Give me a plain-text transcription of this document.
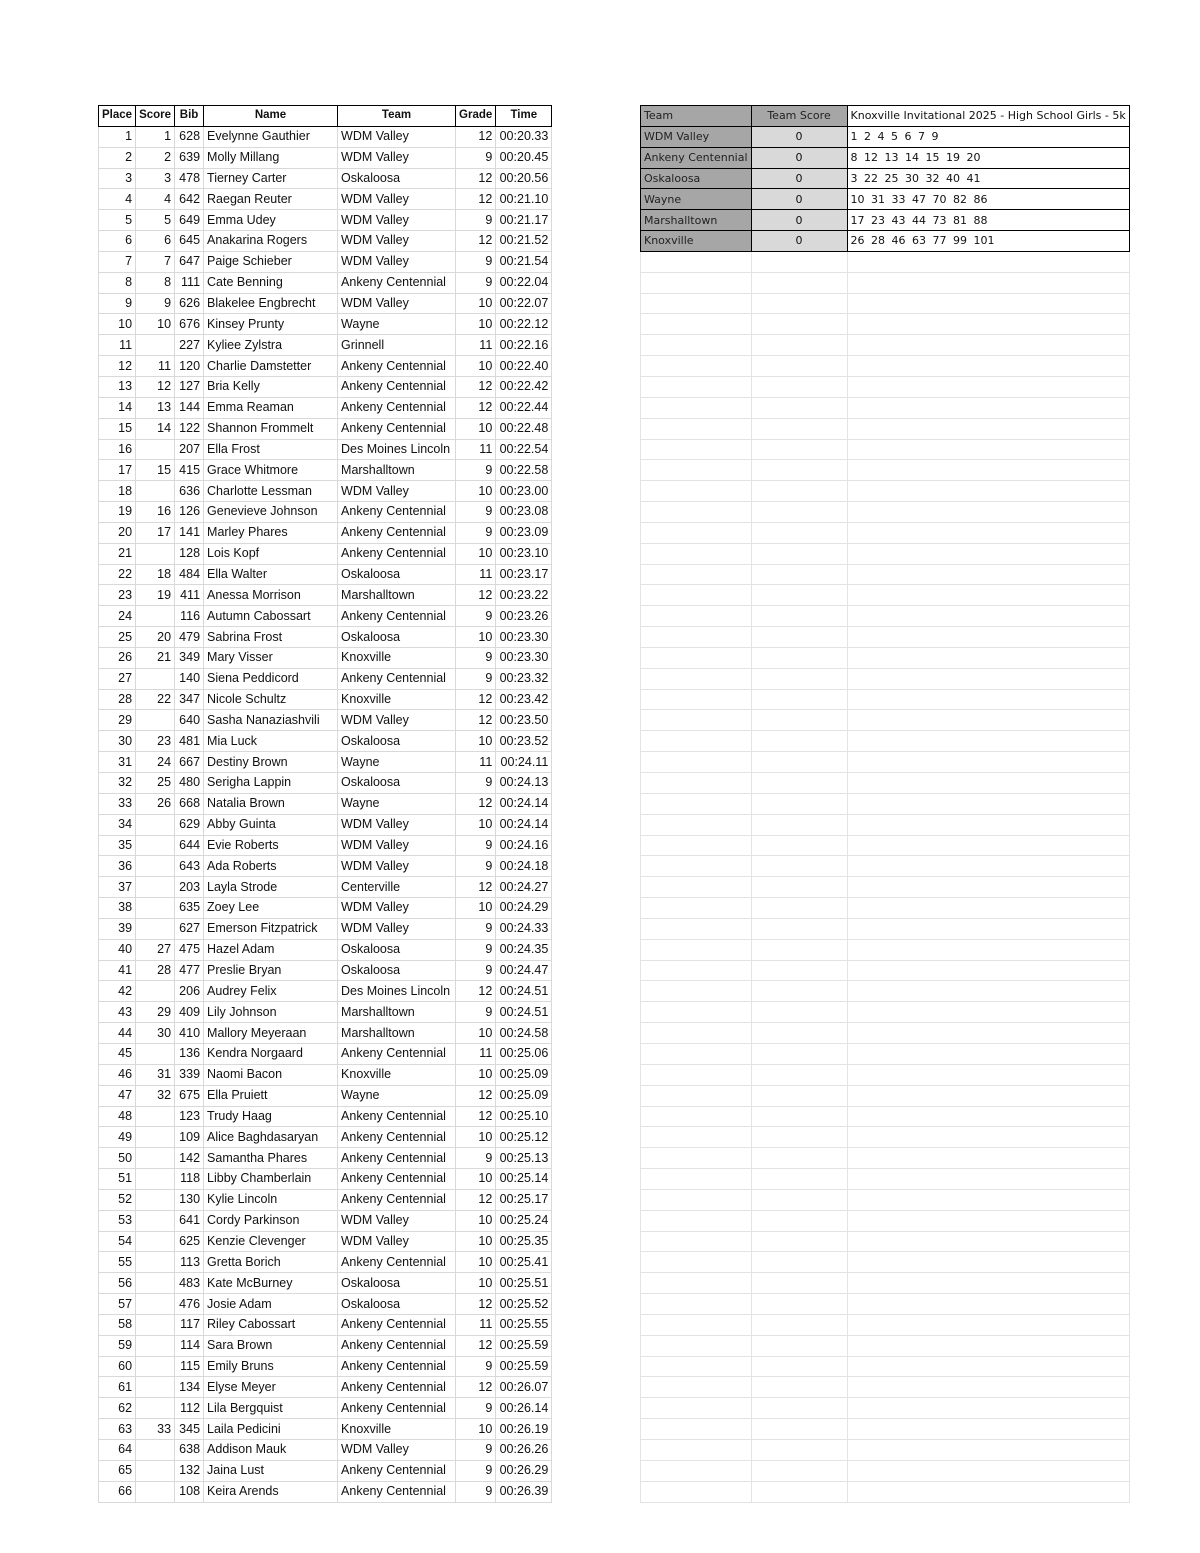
Place	Score	Bib	Name	Team	Grade	Time
1	1	628	Evelynne Gauthier	WDM Valley	12	00:20.33
2	2	639	Molly Millang	WDM Valley	9	00:20.45
3	3	478	Tierney Carter	Oskaloosa	12	00:20.56
4	4	642	Raegan Reuter	WDM Valley	12	00:21.10
5	5	649	Emma Udey	WDM Valley	9	00:21.17
6	6	645	Anakarina Rogers	WDM Valley	12	00:21.52
7	7	647	Paige Schieber	WDM Valley	9	00:21.54
8	8	111	Cate Benning	Ankeny Centennial	9	00:22.04
9	9	626	Blakelee Engbrecht	WDM Valley	10	00:22.07
10	10	676	Kinsey Prunty	Wayne	10	00:22.12
11		227	Kyliee Zylstra	Grinnell	11	00:22.16
12	11	120	Charlie Damstetter	Ankeny Centennial	10	00:22.40
13	12	127	Bria Kelly	Ankeny Centennial	12	00:22.42
14	13	144	Emma Reaman	Ankeny Centennial	12	00:22.44
15	14	122	Shannon Frommelt	Ankeny Centennial	10	00:22.48
16		207	Ella Frost	Des Moines Lincoln	11	00:22.54
17	15	415	Grace Whitmore	Marshalltown	9	00:22.58
18		636	Charlotte Lessman	WDM Valley	10	00:23.00
19	16	126	Genevieve Johnson	Ankeny Centennial	9	00:23.08
20	17	141	Marley Phares	Ankeny Centennial	9	00:23.09
21		128	Lois Kopf	Ankeny Centennial	10	00:23.10
22	18	484	Ella Walter	Oskaloosa	11	00:23.17
23	19	411	Anessa Morrison	Marshalltown	12	00:23.22
24		116	Autumn Cabossart	Ankeny Centennial	9	00:23.26
25	20	479	Sabrina Frost	Oskaloosa	10	00:23.30
26	21	349	Mary Visser	Knoxville	9	00:23.30
27		140	Siena Peddicord	Ankeny Centennial	9	00:23.32
28	22	347	Nicole Schultz	Knoxville	12	00:23.42
29		640	Sasha Nanaziashvili	WDM Valley	12	00:23.50
30	23	481	Mia Luck	Oskaloosa	10	00:23.52
31	24	667	Destiny Brown	Wayne	11	00:24.11
32	25	480	Serigha Lappin	Oskaloosa	9	00:24.13
33	26	668	Natalia Brown	Wayne	12	00:24.14
34		629	Abby Guinta	WDM Valley	10	00:24.14
35		644	Evie Roberts	WDM Valley	9	00:24.16
36		643	Ada Roberts	WDM Valley	9	00:24.18
37		203	Layla Strode	Centerville	12	00:24.27
38		635	Zoey Lee	WDM Valley	10	00:24.29
39		627	Emerson Fitzpatrick	WDM Valley	9	00:24.33
40	27	475	Hazel Adam	Oskaloosa	9	00:24.35
41	28	477	Preslie Bryan	Oskaloosa	9	00:24.47
42		206	Audrey Felix	Des Moines Lincoln	12	00:24.51
43	29	409	Lily Johnson	Marshalltown	9	00:24.51
44	30	410	Mallory Meyeraan	Marshalltown	10	00:24.58
45		136	Kendra Norgaard	Ankeny Centennial	11	00:25.06
46	31	339	Naomi Bacon	Knoxville	10	00:25.09
47	32	675	Ella Pruiett	Wayne	12	00:25.09
48		123	Trudy Haag	Ankeny Centennial	12	00:25.10
49		109	Alice Baghdasaryan	Ankeny Centennial	10	00:25.12
50		142	Samantha Phares	Ankeny Centennial	9	00:25.13
51		118	Libby Chamberlain	Ankeny Centennial	10	00:25.14
52		130	Kylie Lincoln	Ankeny Centennial	12	00:25.17
53		641	Cordy Parkinson	WDM Valley	10	00:25.24
54		625	Kenzie Clevenger	WDM Valley	10	00:25.35
55		113	Gretta Borich	Ankeny Centennial	10	00:25.41
56		483	Kate McBurney	Oskaloosa	10	00:25.51
57		476	Josie Adam	Oskaloosa	12	00:25.52
58		117	Riley Cabossart	Ankeny Centennial	11	00:25.55
59		114	Sara Brown	Ankeny Centennial	12	00:25.59
60		115	Emily Bruns	Ankeny Centennial	9	00:25.59
61		134	Elyse Meyer	Ankeny Centennial	12	00:26.07
62		112	Lila Bergquist	Ankeny Centennial	9	00:26.14
63	33	345	Laila Pedicini	Knoxville	10	00:26.19
64		638	Addison Mauk	WDM Valley	9	00:26.26
65		132	Jaina Lust	Ankeny Centennial	9	00:26.29
66		108	Keira Arends	Ankeny Centennial	9	00:26.39
Team	Team Score	Knoxville Invitational 2025 - High School Girls - 5k
WDM Valley	0	1 2 4 5 6 7 9
Ankeny Centennial	0	8 12 13 14 15 19 20
Oskaloosa	0	3 22 25 30 32 40 41
Wayne	0	10 31 33 47 70 82 86
Marshalltown	0	17 23 43 44 73 81 88
Knoxville	0	26 28 46 63 77 99 101
